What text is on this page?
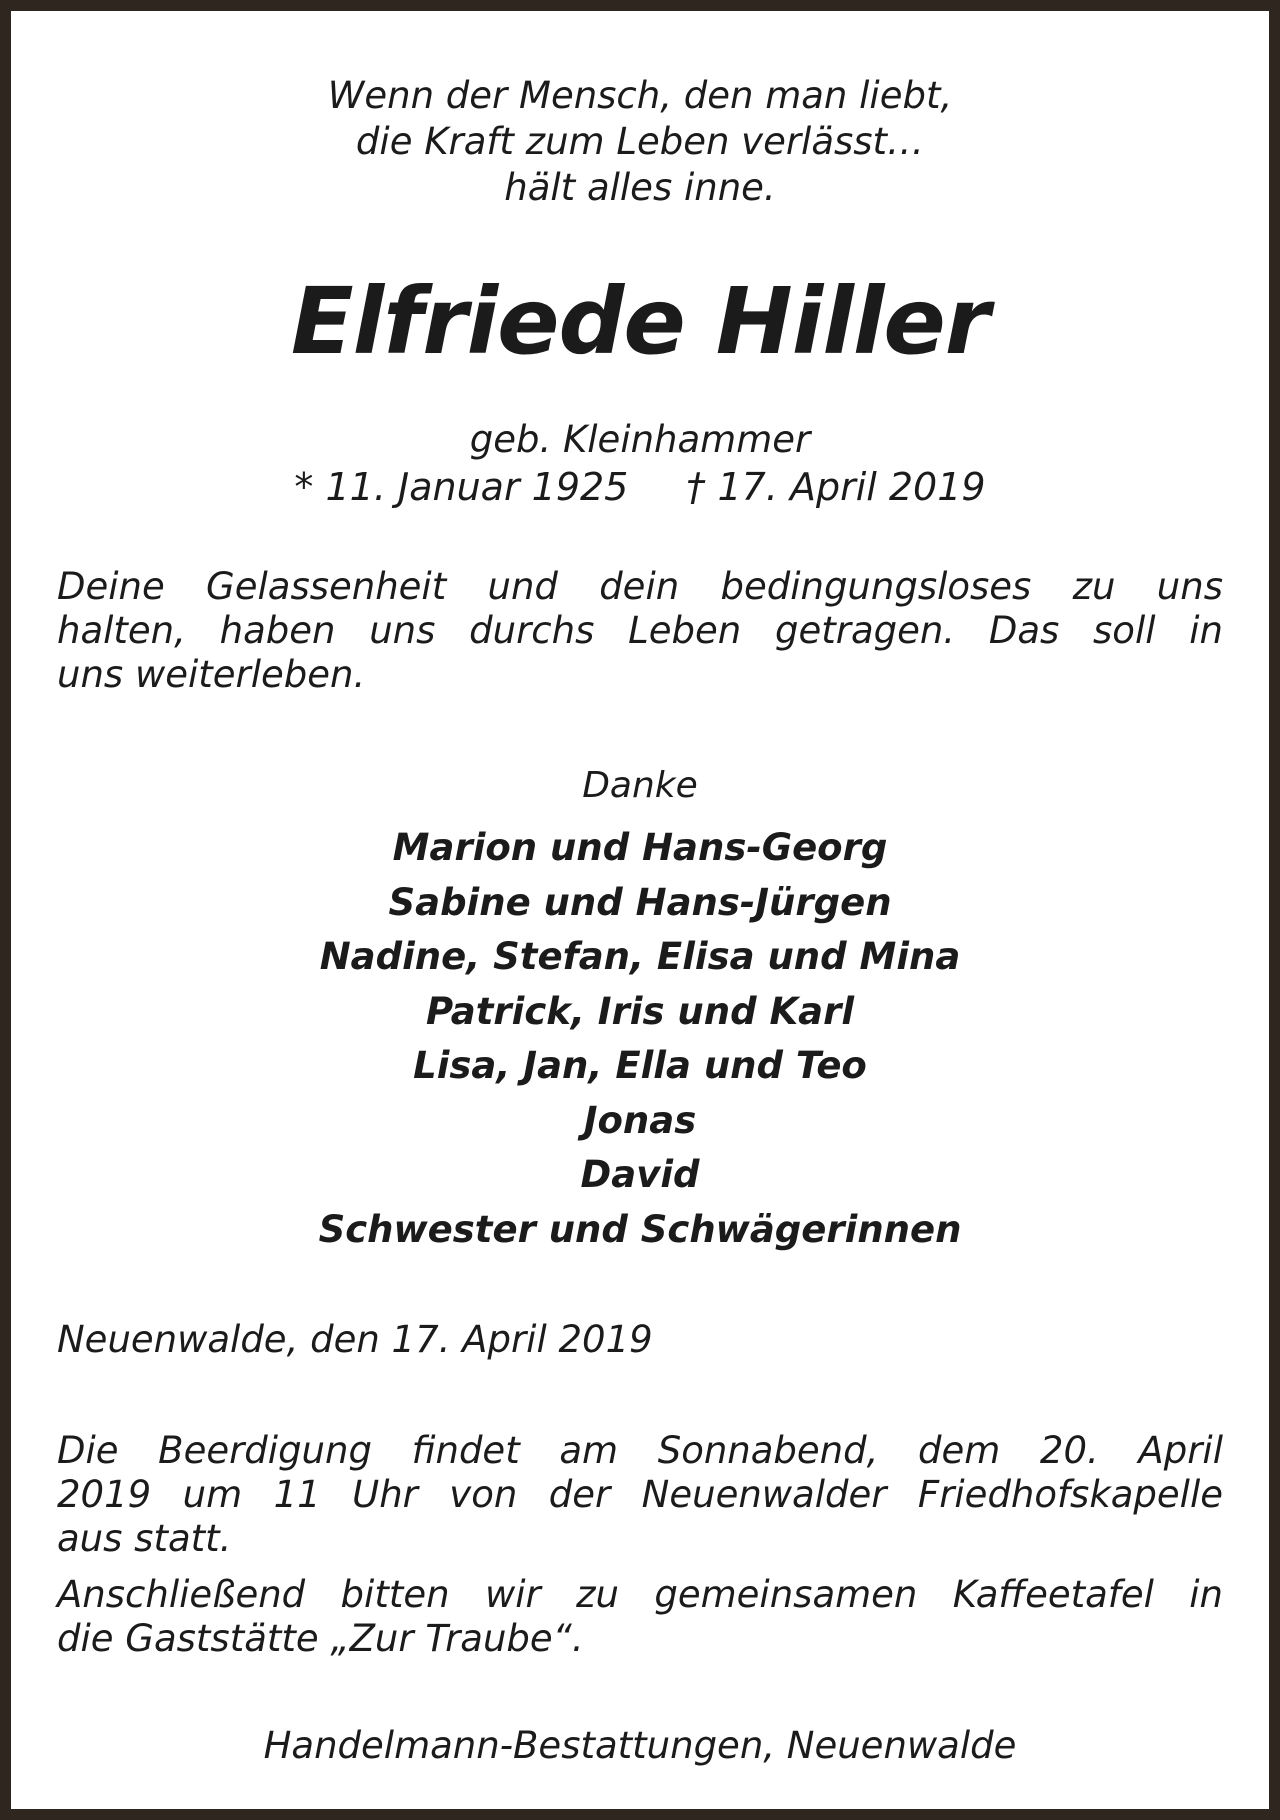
Wenn der Mensch, den man liebt,
die Kraft zum Leben verlässt…
hält alles inne.
Elfriede Hiller
geb. Kleinhammer
* 11. Januar 1925 † 17. April 2019
Deine Gelassenheit und dein bedingungsloses zu uns
halten, haben uns durchs Leben getragen. Das soll in
uns weiterleben.
Danke
Marion und Hans-Georg
Sabine und Hans-Jürgen
Nadine, Stefan, Elisa und Mina
Patrick, Iris und Karl
Lisa, Jan, Ella und Teo
Jonas
David
Schwester und Schwägerinnen
Neuenwalde, den 17. April 2019
Die Beerdigung findet am Sonnabend, dem 20. April
2019 um 11 Uhr von der Neuenwalder Friedhofskapelle
aus statt.
Anschließend bitten wir zu gemeinsamen Kaffeetafel in
die Gaststätte „Zur Traube“.
Handelmann-Bestattungen, Neuenwalde
